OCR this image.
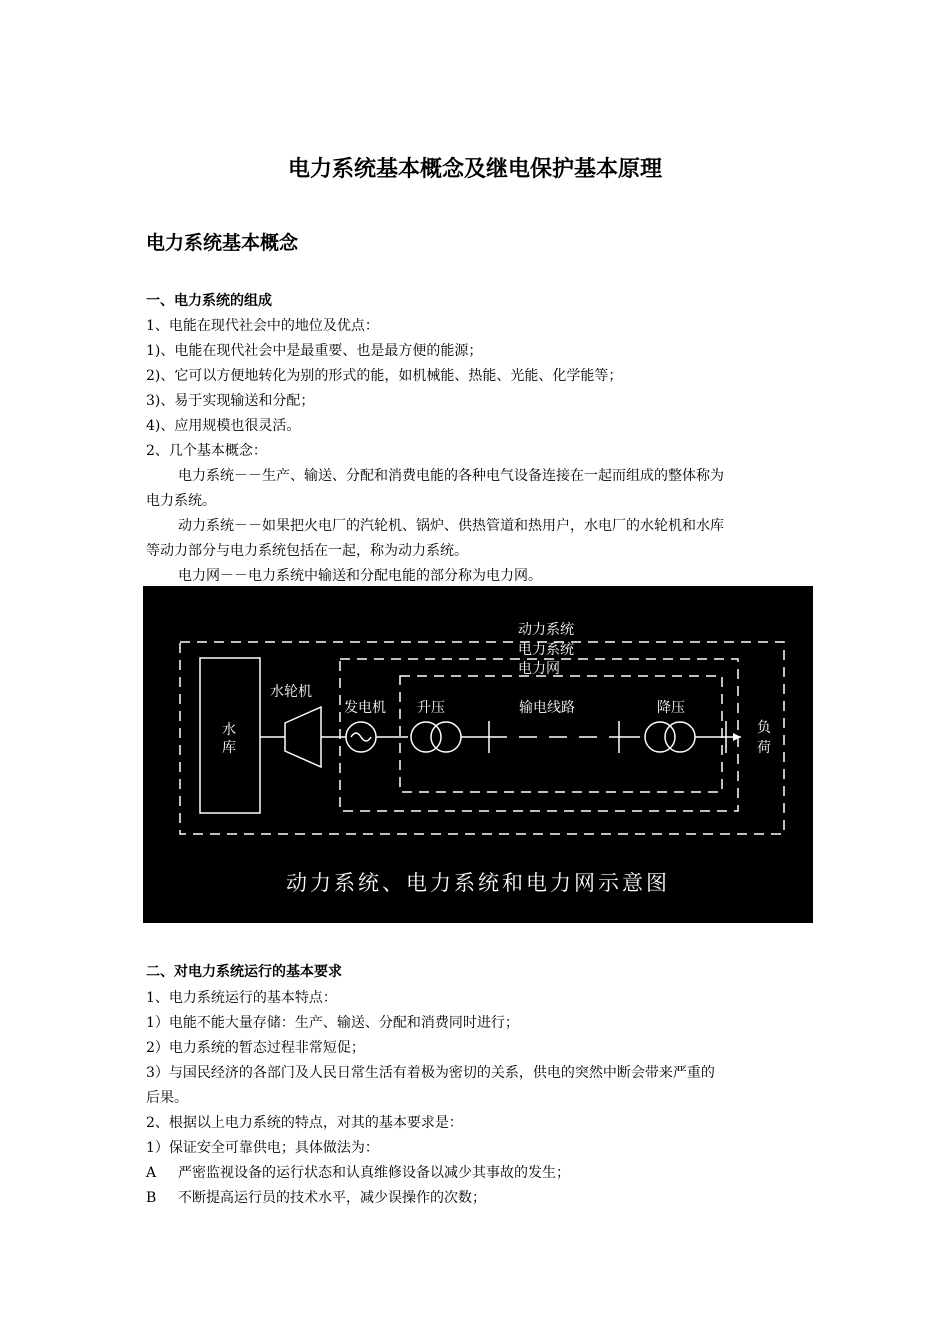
电力系统基本概念及继电保护基本原理
电力系统基本概念
一、电力系统的组成
1、电能在现代社会中的地位及优点：
1)、电能在现代社会中是最重要、也是最方便的能源；
2)、它可以方便地转化为别的形式的能，如机械能、热能、光能、化学能等；
3)、易于实现输送和分配；
4)、应用规模也很灵活。
2、几个基本概念：
电力系统－－生产、输送、分配和消费电能的各种电气设备连接在一起而组成的整体称为
电力系统。
动力系统－－如果把火电厂的汽轮机、锅炉、供热管道和热用户，水电厂的水轮机和水库
等动力部分与电力系统包括在一起，称为动力系统。
电力网－－电力系统中输送和分配电能的部分称为电力网。
动力系统
电力系统
电力网
水
库
水轮机
发电机 升压	输电线路	降压
负
荷
动力系统、电力系统和电力网示意图
二、对电力系统运行的基本要求
1、电力系统运行的基本特点：
1）电能不能大量存储：生产、输送、分配和消费同时进行；
2）电力系统的暂态过程非常短促；
3）与国民经济的各部门及人民日常生活有着极为密切的关系，供电的突然中断会带来严重的
后果。
2、根据以上电力系统的特点，对其的基本要求是：
1）保证安全可靠供电；具体做法为：
A 严密监视设备的运行状态和认真维修设备以减少其事故的发生；
B 不断提高运行员的技术水平，减少误操作的次数；
